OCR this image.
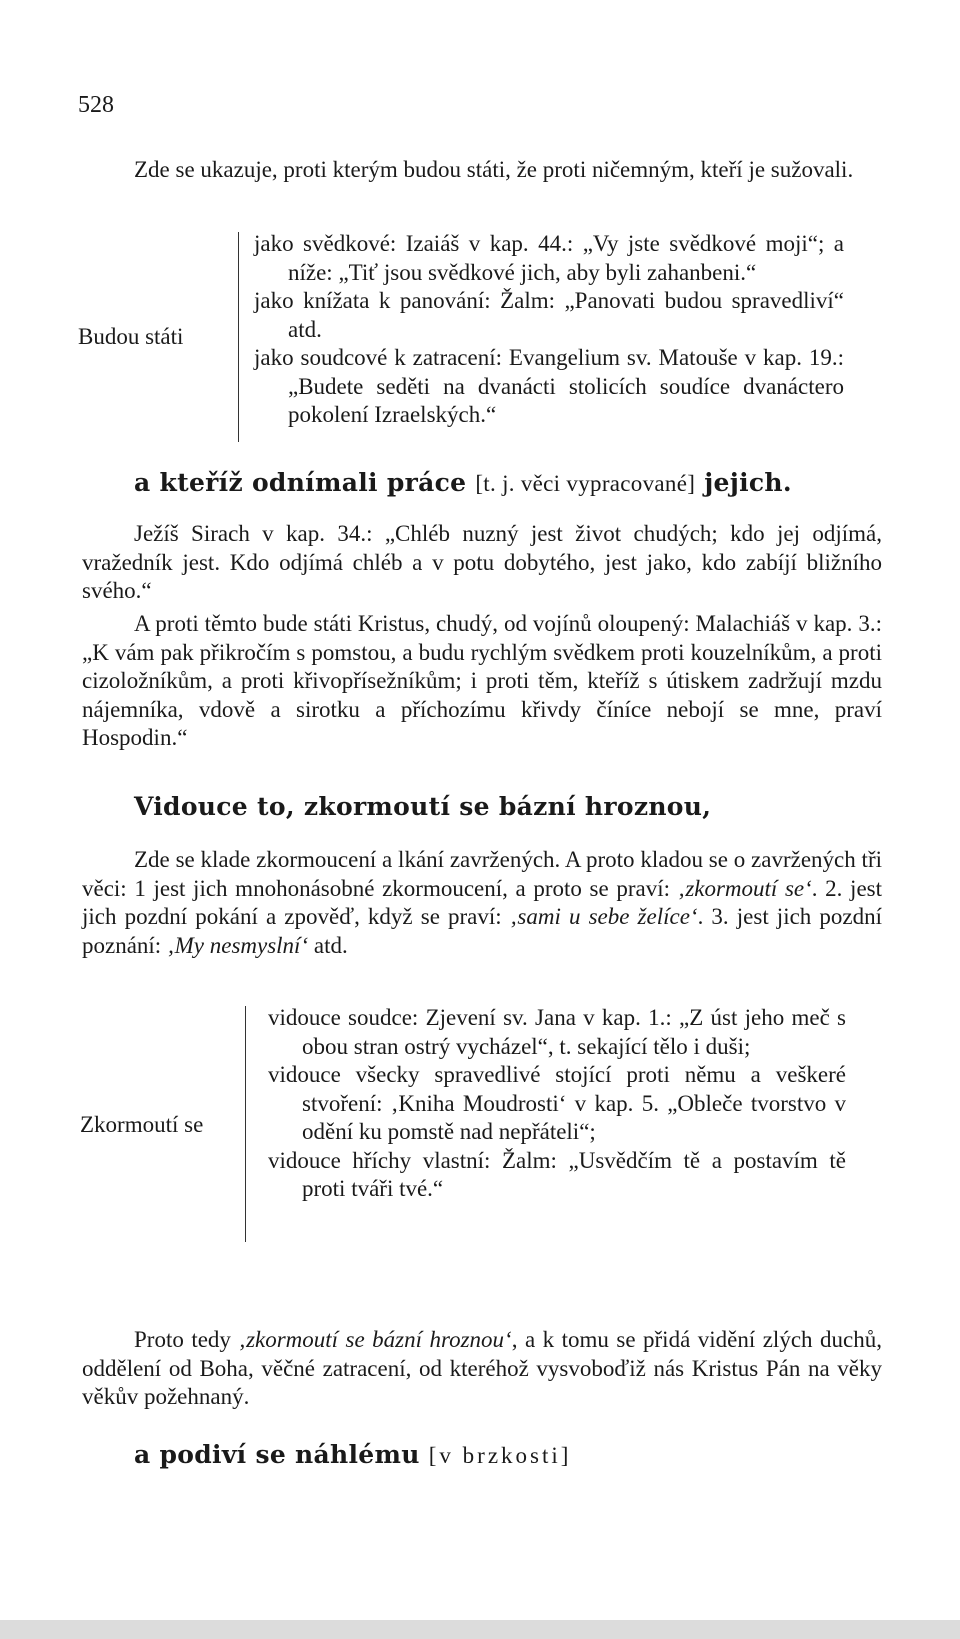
528

Zde se ukazuje, proti kterým budou státi, že proti ničemným, kteří je sužovali.

Budou státi
jako svědkové: Izaiáš v kap. 44.: „Vy jste svědkové moji“; a níže: „Tiť jsou svědkové jich, aby byli zahanbeni.“
jako knížata k panování: Žalm: „Panovati budou spravedliví“ atd.
jako soudcové k zatracení: Evangelium sv. Matouše v kap. 19.: „Budete seděti na dvanácti stolicích soudíce dvanáctero pokolení Izraelských.“
a kteříž odnímali práce [t. j. věci vypracované] jejich.

Ježíš Sirach v kap. 34.: „Chléb nuzný jest život chudých; kdo jej odjímá, vražedník jest. Kdo odjímá chléb a v potu dobytého, jest jako, kdo zabíjí bližního svého.“

A proti těmto bude státi Kristus, chudý, od vojínů oloupený: Malachiáš v kap. 3.: „K vám pak přikročím s pomstou, a budu rychlým svědkem proti kouzelníkům, a proti cizoložníkům, a proti křivopřísežníkům; i proti těm, kteříž s útiskem zadržují mzdu nájemníka, vdově a sirotku a příchozímu křivdy číníce nebojí se mne, praví Hospodin.“

Vidouce to, zkormoutí se bázní hroznou,

Zde se klade zkormoucení a lkání zavržených. A proto kladou se o zavržených tři věci: 1 jest jich mnohonásobné zkormoucení, a proto se praví: ‚zkormoutí se‘. 2. jest jich pozdní pokání a zpověď, když se praví: ‚sami u sebe želíce‘. 3. jest jich pozdní poznání: ‚My nesmyslní‘ atd.

Zkormoutí se
vidouce soudce: Zjevení sv. Jana v kap. 1.: „Z úst jeho meč s obou stran ostrý vycházel“, t. sekající tělo i duši;
vidouce všecky spravedlivé stojící proti němu a veškeré stvoření: ‚Kniha Moudrosti‘ v kap. 5. „Obleče tvorstvo v odění ku pomstě nad nepřáteli“;
vidouce hříchy vlastní: Žalm: „Usvědčím tě a postavím tě proti tváři tvé.“

Proto tedy ‚zkormoutí se bázní hroznou‘, a k tomu se přidá vidění zlých duchů, oddělení od Boha, věčné zatracení, od kteréhož vysvoboďiž nás Kristus Pán na věky věkův požehnaný.

a podiví se náhlému [v brzkosti]
